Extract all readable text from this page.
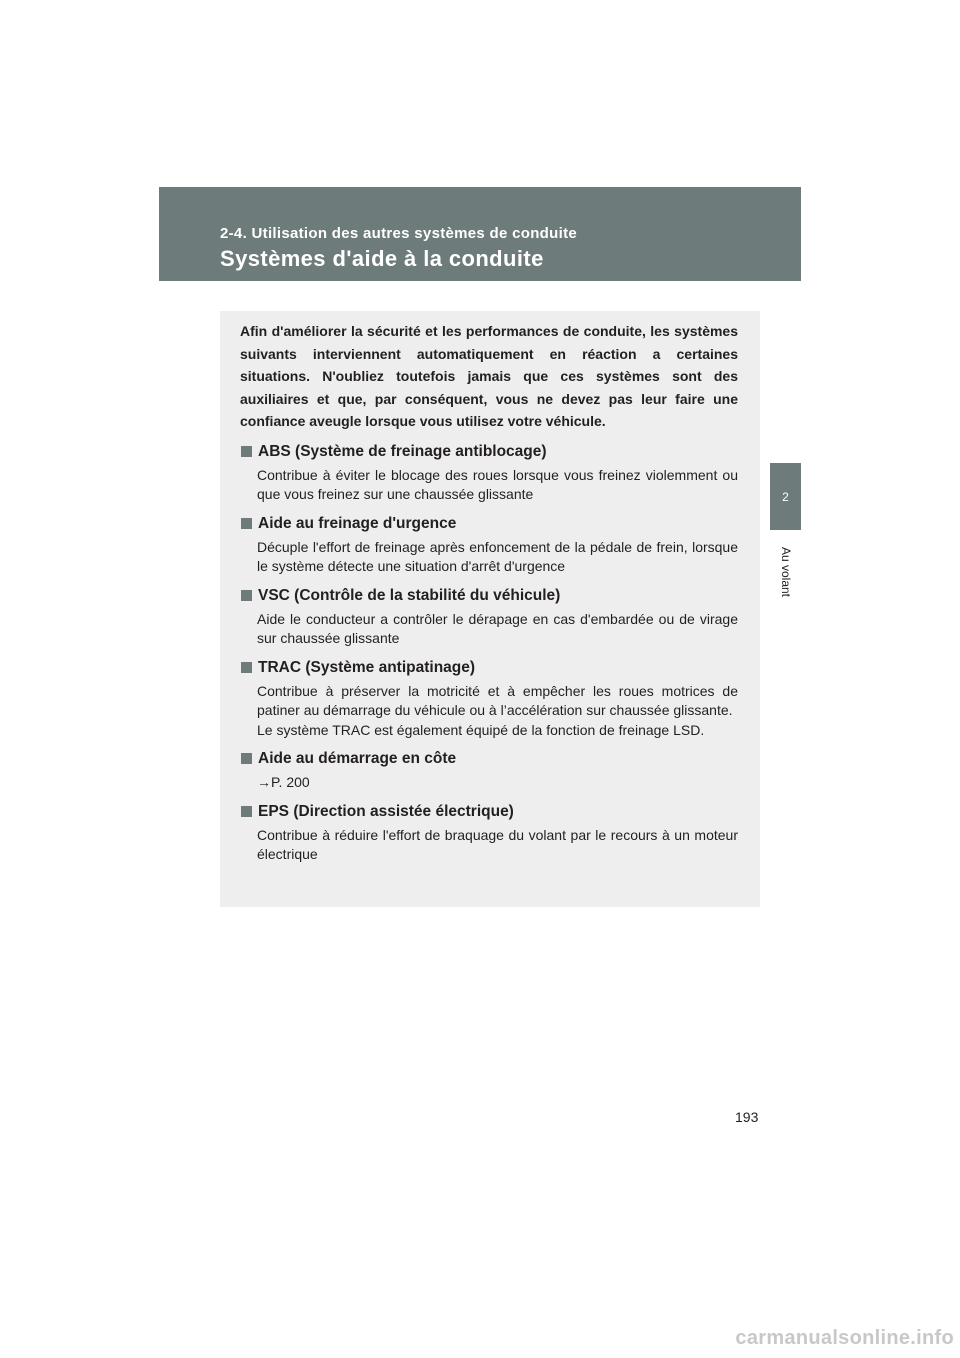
2-4. Utilisation des autres systèmes de conduite
Systèmes d'aide à la conduite
2
Au volant

Afin d'améliorer la sécurité et les performances de conduite, les systèmes suivants interviennent automatiquement en réaction a certaines situations. N'oubliez toutefois jamais que ces systèmes sont des auxiliaires et que, par conséquent, vous ne devez pas leur faire une confiance aveugle lorsque vous utilisez votre véhicule.

ABS (Système de freinage antiblocage)

Contribue à éviter le blocage des roues lorsque vous freinez violemment ou que vous freinez sur une chaussée glissante

Aide au freinage d'urgence

Décuple l'effort de freinage après enfoncement de la pédale de frein, lorsque le système détecte une situation d'arrêt d'urgence

VSC (Contrôle de la stabilité du véhicule)

Aide le conducteur a contrôler le dérapage en cas d'embardée ou de virage sur chaussée glissante

TRAC (Système antipatinage)

Contribue à préserver la motricité et à empêcher les roues motrices de patiner au démarrage du véhicule ou à l’accélération sur chaussée glissante.

Le système TRAC est également équipé de la fonction de freinage LSD.

Aide au démarrage en côte

→P. 200

EPS (Direction assistée électrique)

Contribue à réduire l'effort de braquage du volant par le recours à un moteur électrique

193
carmanualsonline.info
